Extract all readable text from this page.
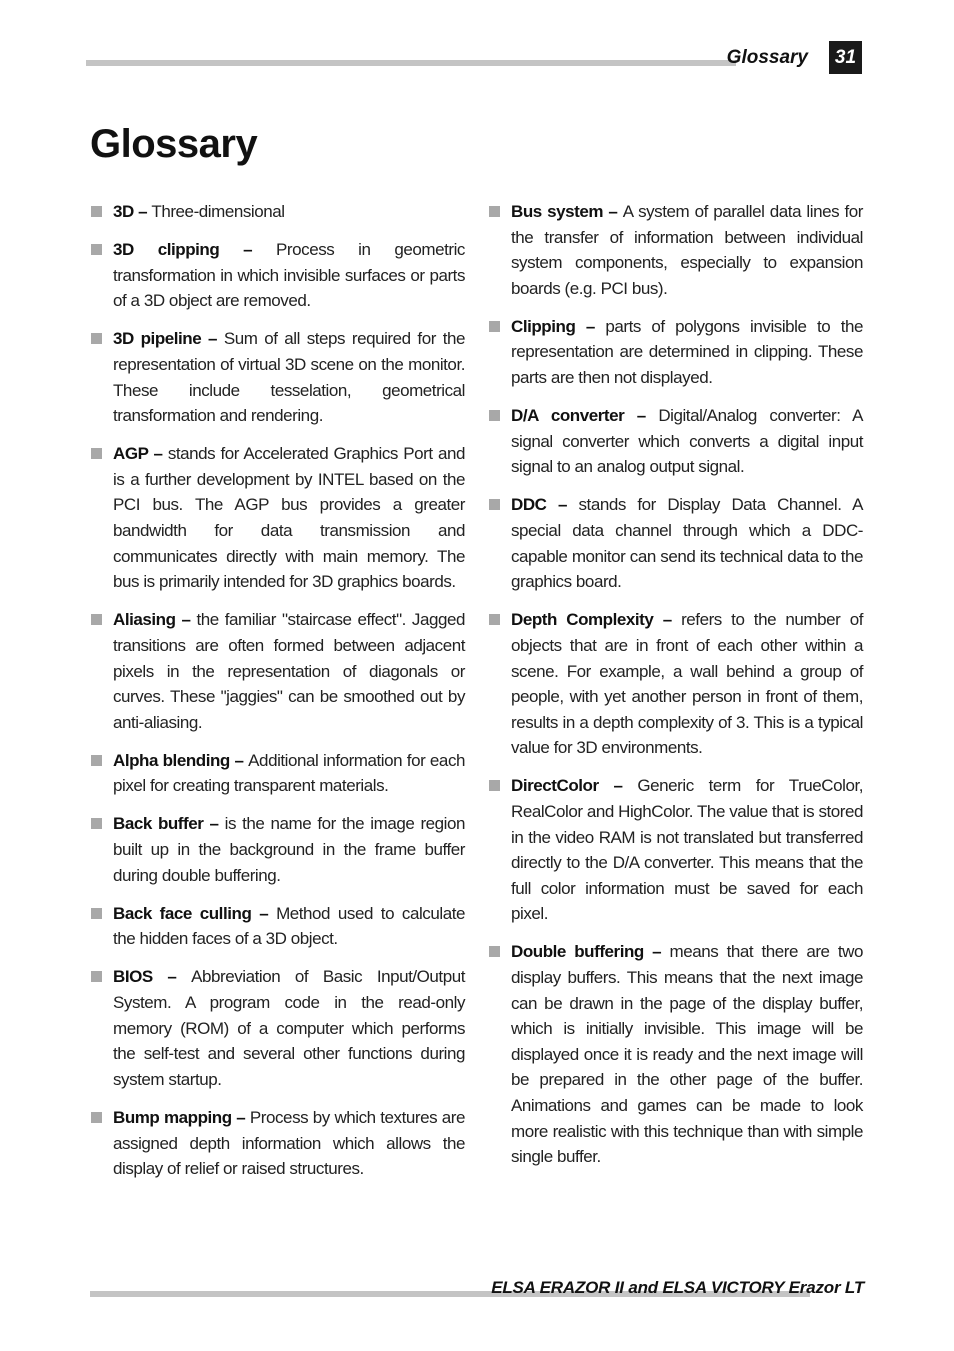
Glossary 31
Glossary
3D – Three-dimensional
3D clipping – Process in geometric transformation in which invisible surfaces or parts of a 3D object are removed.
3D pipeline – Sum of all steps required for the representation of virtual 3D scene on the monitor. These include tesselation, geometrical transformation and rendering.
AGP – stands for Accelerated Graphics Port and is a further development by INTEL based on the PCI bus. The AGP bus provides a greater bandwidth for data transmission and communicates directly with main memory. The bus is primarily intended for 3D graphics boards.
Aliasing – the familiar "staircase effect". Jagged transitions are often formed between adjacent pixels in the representation of diagonals or curves. These "jaggies" can be smoothed out by anti-aliasing.
Alpha blending – Additional information for each pixel for creating transparent materials.
Back buffer – is the name for the image region built up in the background in the frame buffer during double buffering.
Back face culling – Method used to calculate the hidden faces of a 3D object.
BIOS – Abbreviation of Basic Input/Output System. A program code in the read-only memory (ROM) of a computer which performs the self-test and several other functions during system startup.
Bump mapping – Process by which textures are assigned depth information which allows the display of relief or raised structures.
Bus system – A system of parallel data lines for the transfer of information between individual system components, especially to expansion boards (e.g. PCI bus).
Clipping – parts of polygons invisible to the representation are determined in clipping. These parts are then not displayed.
D/A converter – Digital/Analog converter: A signal converter which converts a digital input signal to an analog output signal.
DDC – stands for Display Data Channel. A special data channel through which a DDC-capable monitor can send its technical data to the graphics board.
Depth Complexity – refers to the number of objects that are in front of each other within a scene. For example, a wall behind a group of people, with yet another person in front of them, results in a depth complexity of 3. This is a typical value for 3D environments.
DirectColor – Generic term for TrueColor, RealColor and HighColor. The value that is stored in the video RAM is not translated but transferred directly to the D/A converter. This means that the full color information must be saved for each pixel.
Double buffering – means that there are two display buffers. This means that the next image can be drawn in the page of the display buffer, which is initially invisible. This image will be displayed once it is ready and the next image will be prepared in the other page of the buffer. Animations and games can be made to look more realistic with this technique than with simple single buffer.
ELSA ERAZOR II and ELSA VICTORY Erazor LT
